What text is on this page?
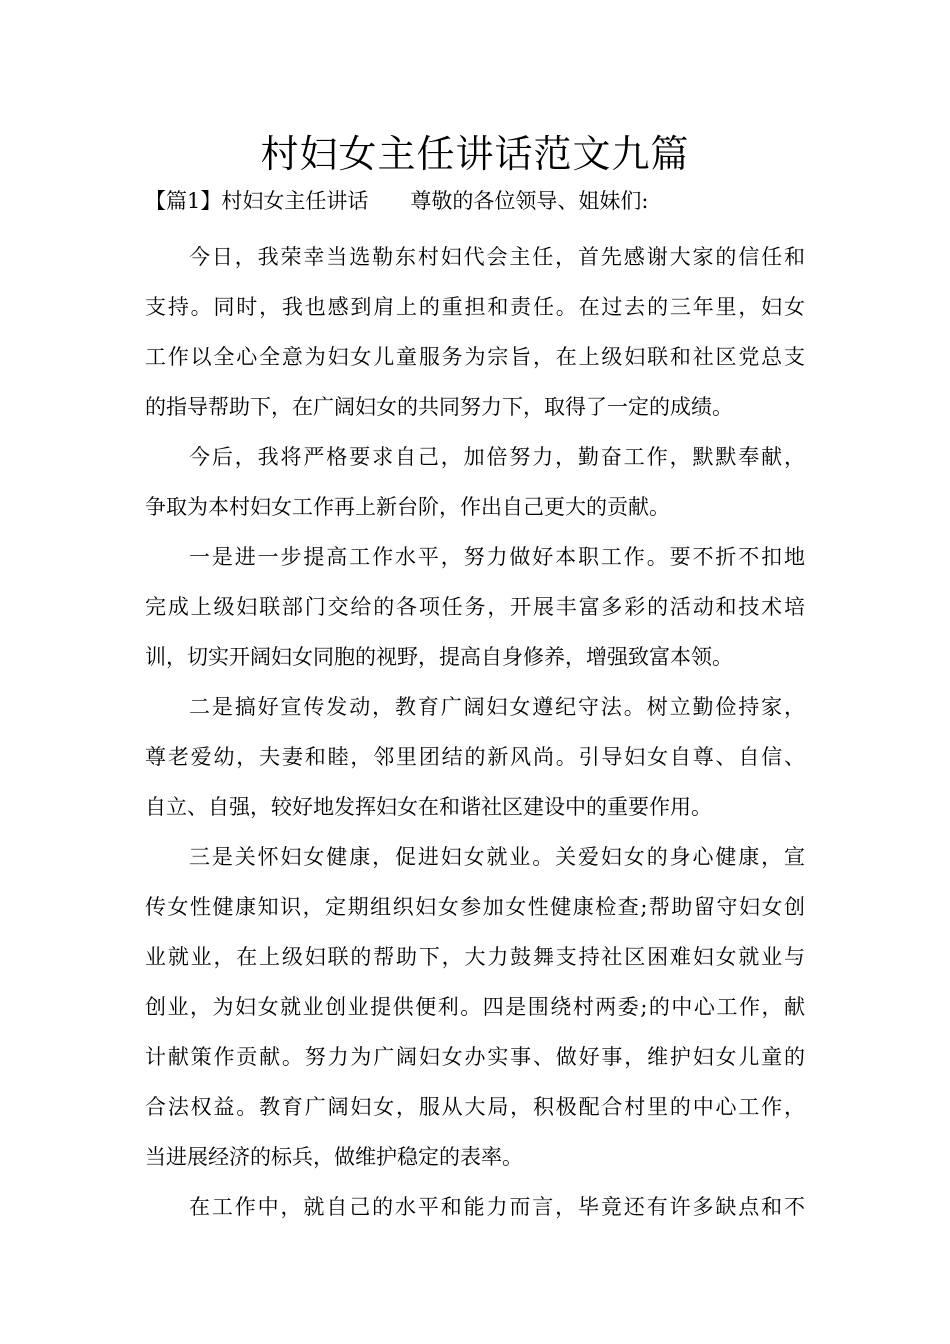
村妇女主任讲话范文九篇
【篇1】村妇女主任讲话 尊敬的各位领导、姐妹们:
今日，我荣幸当选勒东村妇代会主任，首先感谢大家的信任和
支持。同时，我也感到肩上的重担和责任。在过去的三年里，妇女
工作以全心全意为妇女儿童服务为宗旨，在上级妇联和社区党总支
的指导帮助下，在广阔妇女的共同努力下，取得了一定的成绩。
今后，我将严格要求自己，加倍努力，勤奋工作，默默奉献，
争取为本村妇女工作再上新台阶，作出自己更大的贡献。
一是进一步提高工作水平，努力做好本职工作。要不折不扣地
完成上级妇联部门交给的各项任务，开展丰富多彩的活动和技术培
训，切实开阔妇女同胞的视野，提高自身修养，增强致富本领。
二是搞好宣传发动，教育广阔妇女遵纪守法。树立勤俭持家，
尊老爱幼，夫妻和睦，邻里团结的新风尚。引导妇女自尊、自信、
自立、自强，较好地发挥妇女在和谐社区建设中的重要作用。
三是关怀妇女健康，促进妇女就业。关爱妇女的身心健康，宣
传女性健康知识，定期组织妇女参加女性健康检查;帮助留守妇女创
业就业，在上级妇联的帮助下，大力鼓舞支持社区困难妇女就业与
创业，为妇女就业创业提供便利。四是围绕村两委;的中心工作，献
计献策作贡献。努力为广阔妇女办实事、做好事，维护妇女儿童的
合法权益。教育广阔妇女，服从大局，积极配合村里的中心工作，
当进展经济的标兵，做维护稳定的表率。
在工作中，就自己的水平和能力而言，毕竟还有许多缺点和不
